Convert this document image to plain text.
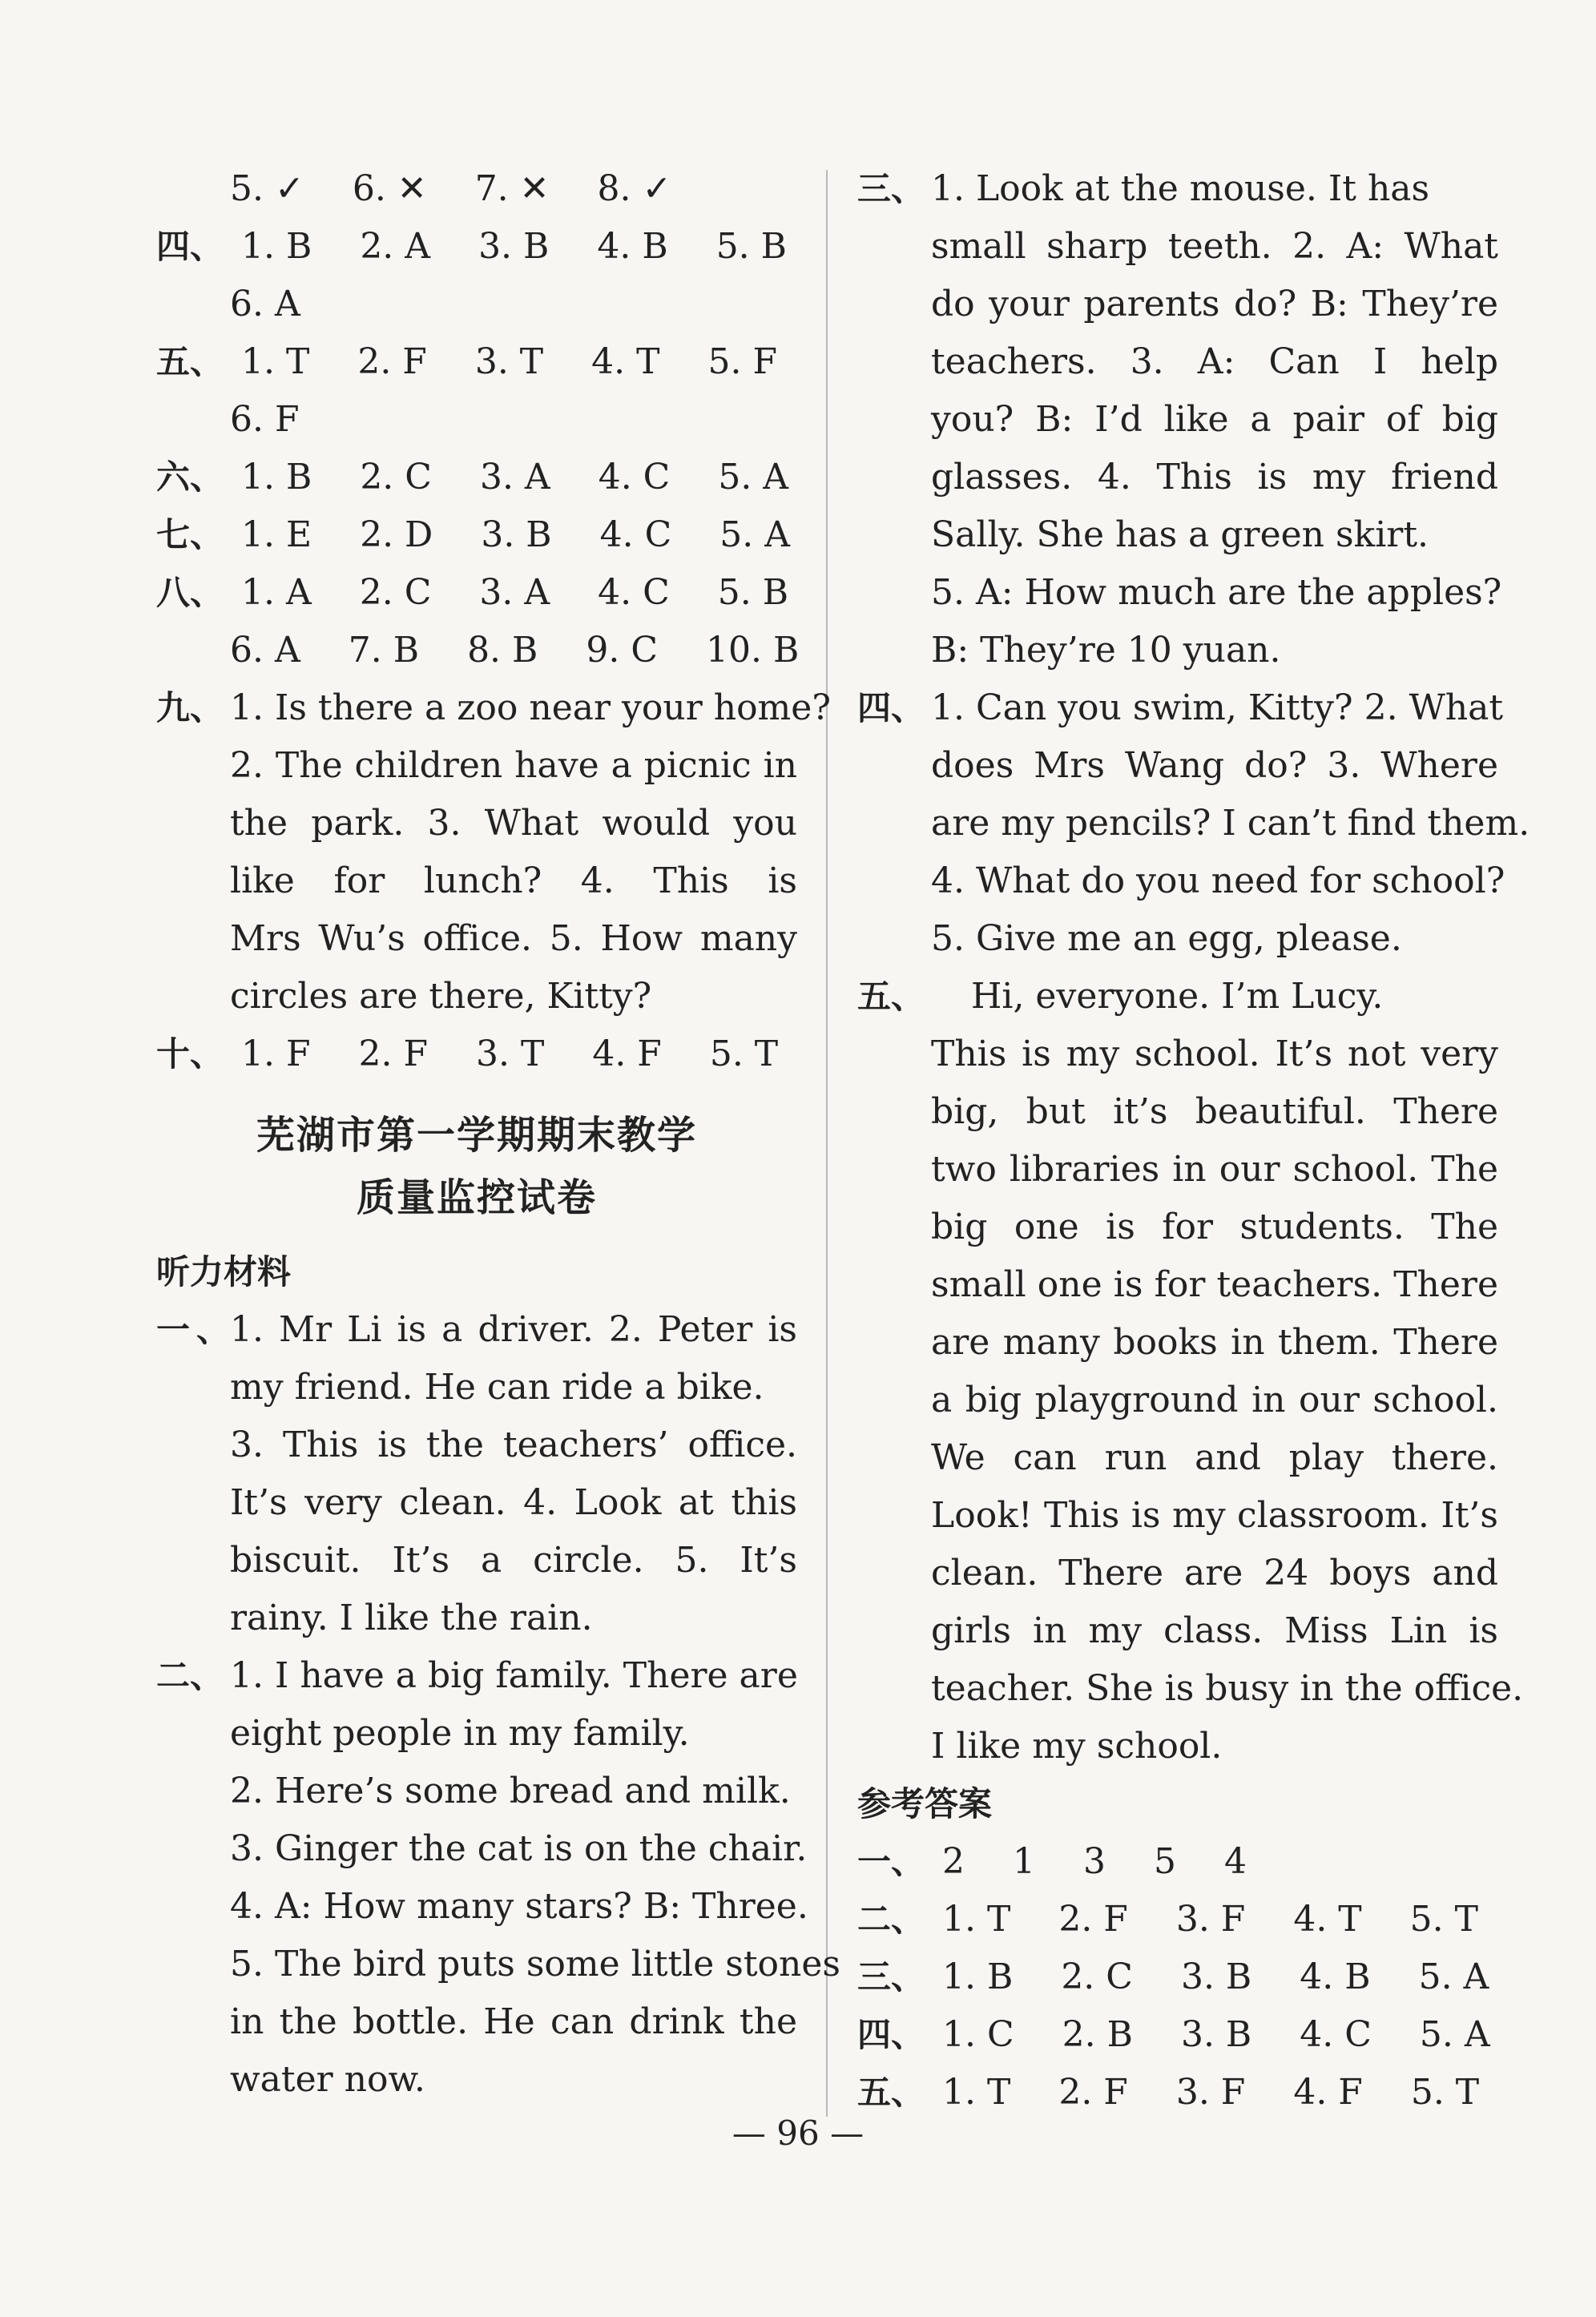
5. ✓ 6. ✕ 7. ✕ 8. ✓
四、 1. B 2. A 3. B 4. B 5. B
6. A
五、 1. T 2. F 3. T 4. T 5. F
6. F
六、 1. B 2. C 3. A 4. C 5. A
七、 1. E 2. D 3. B 4. C 5. A
八、 1. A 2. C 3. A 4. C 5. B
6. A 7. B 8. B 9. C 10. B
九、 1. Is there a zoo near your home?
2. The children have a picnic in
the park. 3. What would you
like for lunch? 4. This is
Mrs Wu’s office. 5. How many
circles are there, Kitty?
十、 1. F 2. F 3. T 4. F 5. T
芜湖市第一学期期末教学
质量监控试卷
听力材料
一、1. Mr Li is a driver. 2. Peter is
my friend. He can ride a bike.
3. This is the teachers’ office.
It’s very clean. 4. Look at this
biscuit. It’s a circle. 5. It’s
rainy. I like the rain.
二、 1. I have a big family. There are
eight people in my family.
2. Here’s some bread and milk.
3. Ginger the cat is on the chair.
4. A: How many stars? B: Three.
5. The bird puts some little stones
in the bottle. He can drink the
water now.
三、 1. Look at the mouse. It has
small sharp teeth. 2. A: What
do your parents do? B: They’re
teachers. 3. A: Can I help
you? B: I’d like a pair of big
glasses. 4. This is my friend
Sally. She has a green skirt.
5. A: How much are the apples?
B: They’re 10 yuan.
四、 1. Can you swim, Kitty? 2. What
does Mrs Wang do? 3. Where
are my pencils? I can’t find them.
4. What do you need for school?
5. Give me an egg, please.
五、 Hi, everyone. I’m Lucy.
This is my school. It’s not very
big, but it’s beautiful. There
two libraries in our school. The
big one is for students. The
small one is for teachers. There
are many books in them. There
a big playground in our school.
We can run and play there.
Look! This is my classroom. It’s
clean. There are 24 boys and
girls in my class. Miss Lin is
teacher. She is busy in the office.
I like my school.
参考答案
一、 2 1 3 5 4
二、 1. T 2. F 3. F 4. T 5. T
三、 1. B 2. C 3. B 4. B 5. A
四、 1. C 2. B 3. B 4. C 5. A
五、 1. T 2. F 3. F 4. F 5. T
— 96 —
